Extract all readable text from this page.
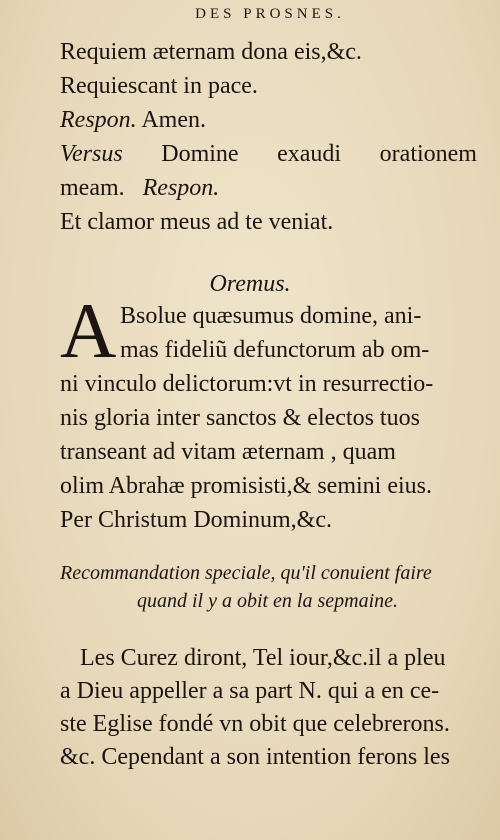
DES PROSNES.
Requiem æternam dona eis,&c.
Requiescant in pace.
Respon. Amen.
Versus Domine exaudi orationem
meam. Respon.
Et clamor meus ad te veniat.
Oremus.
A Bsolue quæsumus domine, ani-
mas fideliũ defunctorum ab om-
ni vinculo delictorum:vt in resurrectio-
nis gloria inter sanctos & electos tuos
transeant ad vitam æternam , quam
olim Abrahæ promisisti,& semini eius.
Per Christum Dominum,&c.
Recommandation speciale, qu'il conuient faire
quand il y a obit en la sepmaine.
Les Curez diront, Tel iour,&c.il a pleu
a Dieu appeller a sa part N. qui a en ce-
ste Eglise fondé vn obit que celebrerons.
&c. Cependant a son intention ferons les
